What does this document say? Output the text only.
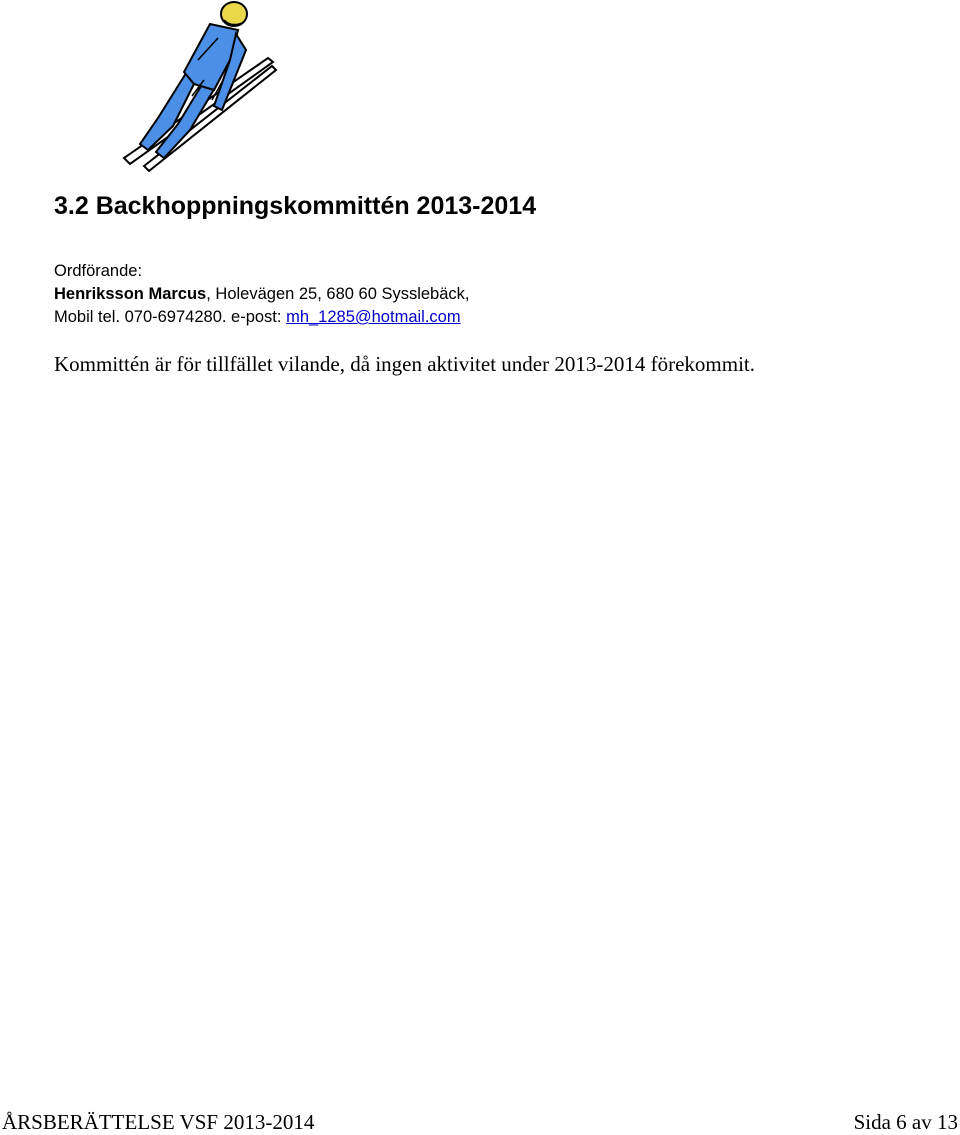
3.2 Backhoppningskommittén 2013-2014
Ordförande:
Henriksson Marcus, Holevägen 25, 680 60 Sysslebäck,
Mobil tel. 070-6974280. e-post: mh_1285@hotmail.com

Kommittén är för tillfället vilande, då ingen aktivitet under 2013-2014 förekommit.

ÅRSBERÄTTELSE VSF 2013-2014	Sida 6 av 13
